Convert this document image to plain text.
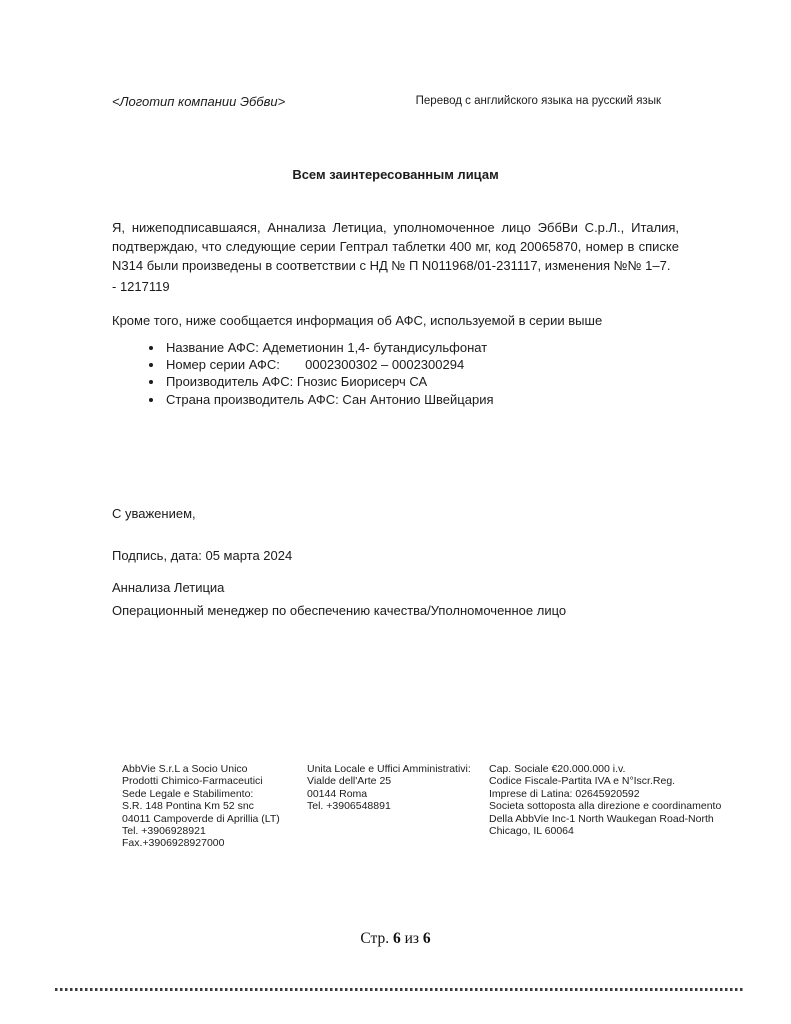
<Логотип компании Эббви>	Перевод с английского языка на русский язык
Всем заинтересованным лицам

Я, нижеподписавшаяся, Аннализа Летициа, уполномоченное лицо ЭббВи С.р.Л., Италия, подтверждаю, что следующие серии Гептрал таблетки 400 мг, код 20065870, номер в списке N314 были произведены в соответствии с НД № П N011968/01-231117, изменения №№ 1–7.

- 1217119
Кроме того, ниже сообщается информация об АФС, используемой в серии выше
• Название АФС: Адеметионин 1,4- бутандисульфонат
• Номер серии АФС:       0002300302 – 0002300294
• Производитель АФС: Гнозис Биорисерч СА
• Страна производитель АФС: Сан Антонио Швейцария
С уважением,
Подпись, дата: 05 марта 2024
Аннализа Летициа
Операционный менеджер по обеспечению качества/Уполномоченное лицо
AbbVie S.r.L a Socio Unico
Prodotti Chimico-Farmaceutici
Sede Legale e Stabilimento:
S.R. 148 Pontina Km 52 snc
04011 Campoverde di Aprillia (LT)
Tel. +3906928921
Fax.+3906928927000
Unita Locale e Uffici Amministrativi:
Vialde dell'Arte 25
00144 Roma
Tel. +3906548891
Cap. Sociale €20.000.000 i.v.
Codice Fiscale-Partita IVA e N°Iscr.Reg.
Imprese di Latina: 02645920592
Societa sottoposta alla direzione e coordinamento
Della AbbVie Inc-1 North Waukegan Road-North
Chicago, IL 60064
Стр. 6 из 6
